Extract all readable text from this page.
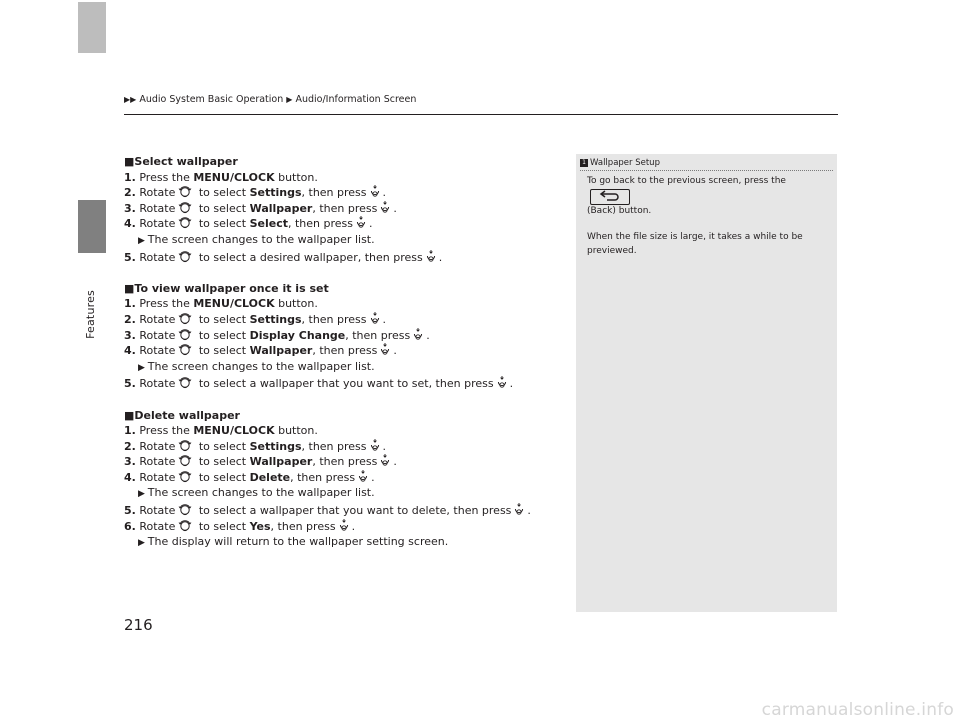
Features
▶▶ Audio System Basic Operation ▶ Audio/Information Screen
■Select wallpaper
1. Press the MENU/CLOCK button.
2. Rotate to select Settings, then press .
3. Rotate to select Wallpaper, then press .
4. Rotate to select Select, then press .
▶ The screen changes to the wallpaper list.
5. Rotate to select a desired wallpaper, then press .
■To view wallpaper once it is set
1. Press the MENU/CLOCK button.
2. Rotate to select Settings, then press .
3. Rotate to select Display Change, then press .
4. Rotate to select Wallpaper, then press .
▶ The screen changes to the wallpaper list.
5. Rotate to select a wallpaper that you want to set, then press .
■Delete wallpaper
1. Press the MENU/CLOCK button.
2. Rotate to select Settings, then press .
3. Rotate to select Wallpaper, then press .
4. Rotate to select Delete, then press .
▶ The screen changes to the wallpaper list.
5. Rotate to select a wallpaper that you want to delete, then press .
6. Rotate to select Yes, then press .
▶ The display will return to the wallpaper setting screen.
1 Wallpaper Setup

To go back to the previous screen, press the
(Back) button.

When the file size is large, it takes a while to be previewed.

216
carmanualsonline.info
